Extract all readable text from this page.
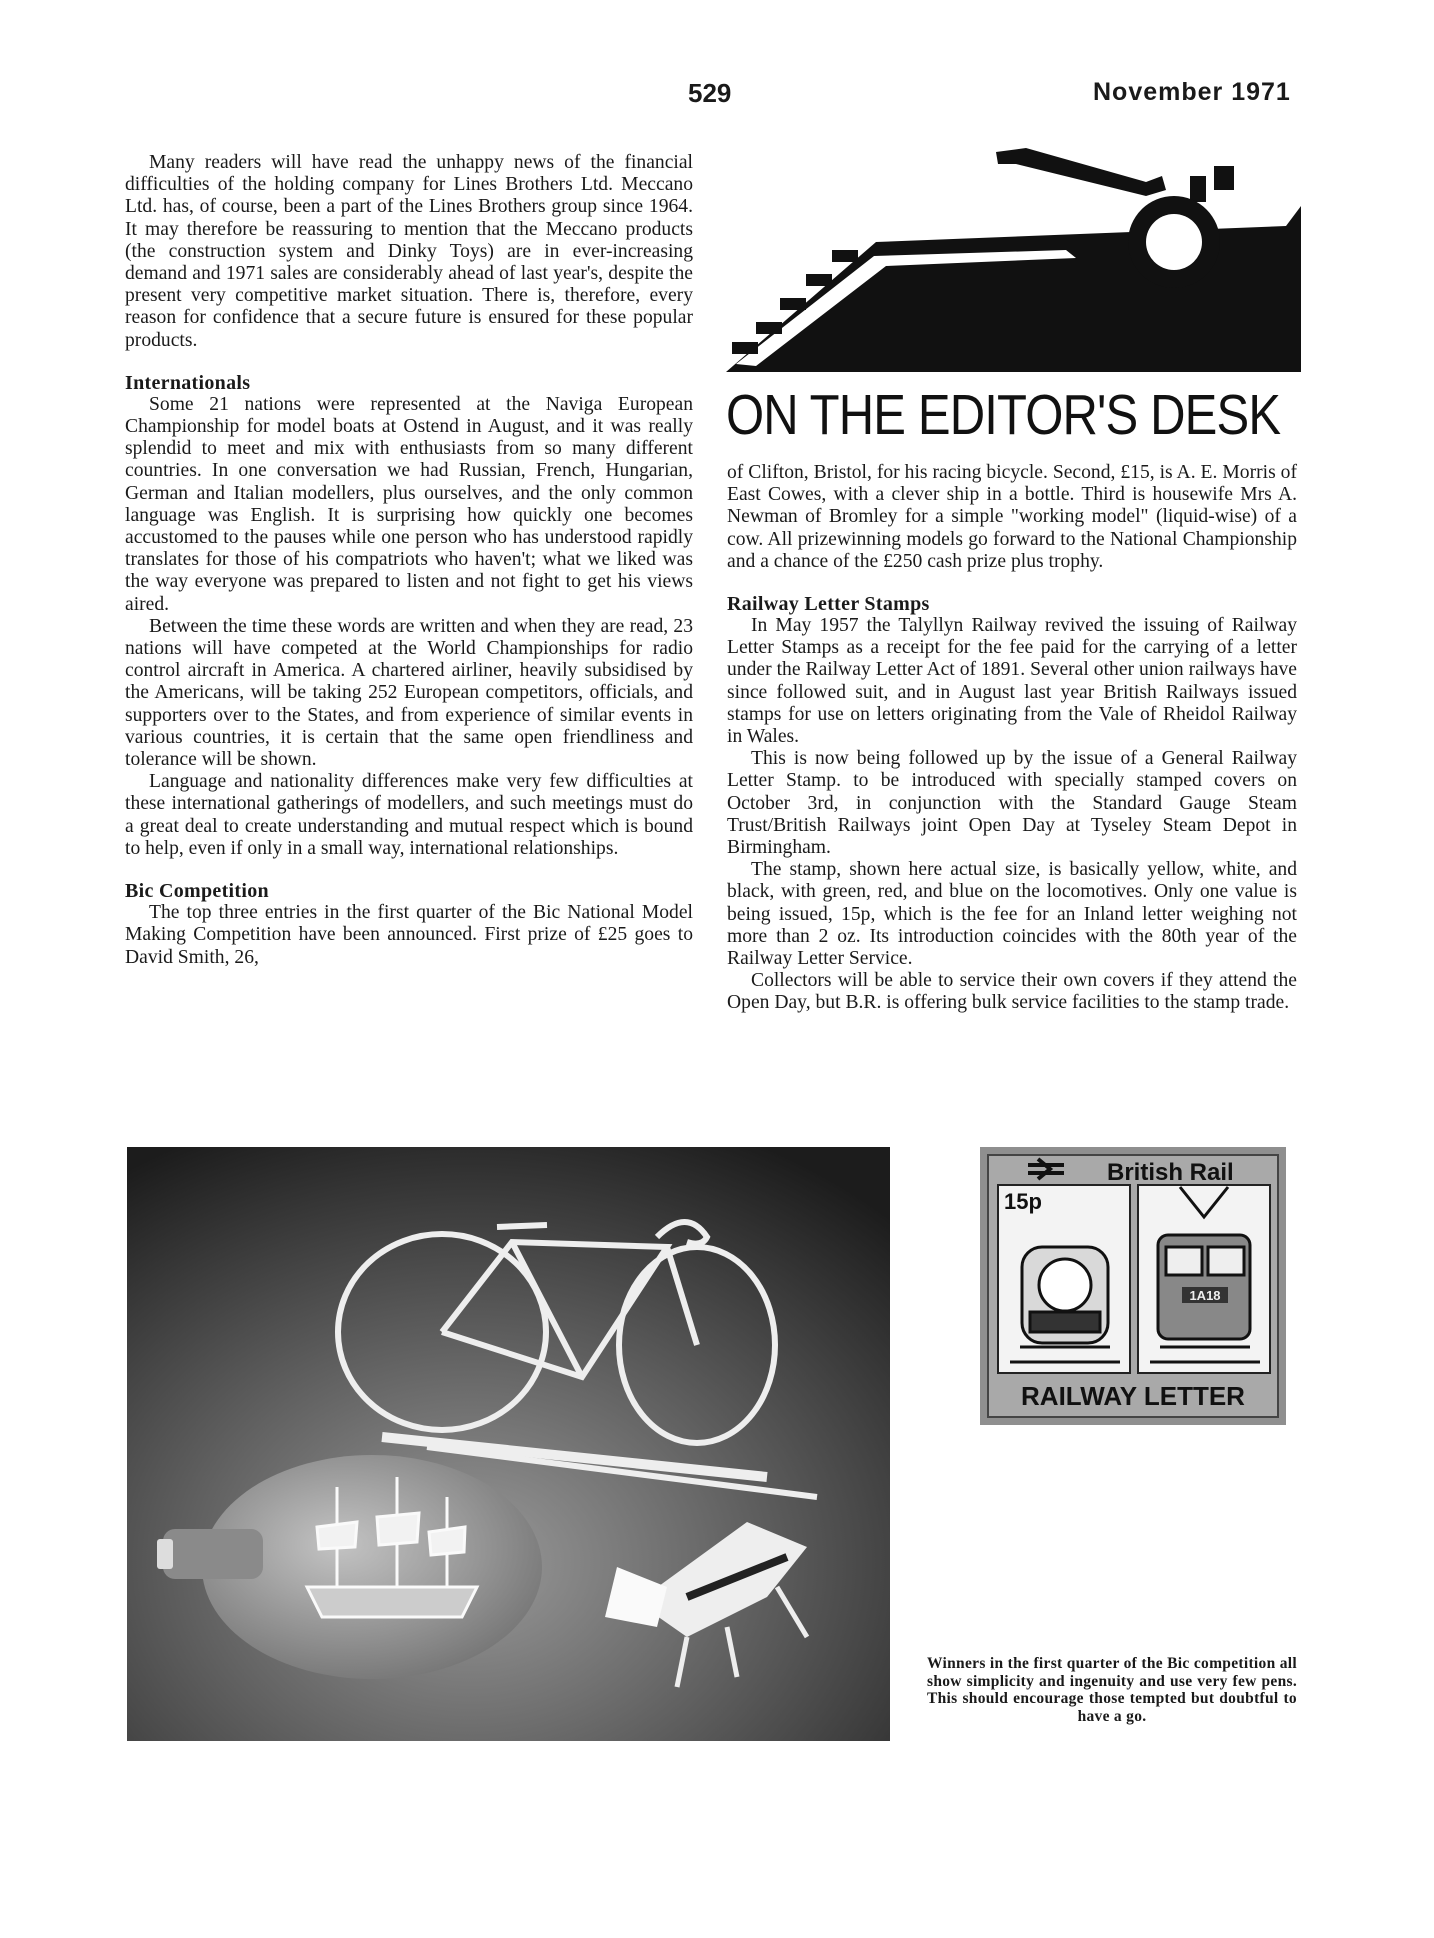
529	November 1971

Many readers will have read the unhappy news of the financial difficulties of the holding company for Lines Brothers Ltd. Meccano Ltd. has, of course, been a part of the Lines Brothers group since 1964. It may therefore be reassuring to mention that the Meccano products (the construction system and Dinky Toys) are in ever-increasing demand and 1971 sales are considerably ahead of last year's, despite the present very competitive market situation. There is, therefore, every reason for confidence that a secure future is ensured for these popular products.

Internationals

Some 21 nations were represented at the Naviga European Championship for model boats at Ostend in August, and it was really splendid to meet and mix with enthusiasts from so many different countries. In one conversation we had Russian, French, Hungarian, German and Italian modellers, plus ourselves, and the only common language was English. It is surprising how quickly one becomes accustomed to the pauses while one person who has understood rapidly translates for those of his compatriots who haven't; what we liked was the way everyone was prepared to listen and not fight to get his views aired.

Between the time these words are written and when they are read, 23 nations will have competed at the World Championships for radio control aircraft in America. A chartered airliner, heavily subsidised by the Americans, will be taking 252 European competitors, officials, and supporters over to the States, and from experience of similar events in various countries, it is certain that the same open friendliness and tolerance will be shown.

Language and nationality differences make very few difficulties at these international gatherings of modellers, and such meetings must do a great deal to create understanding and mutual respect which is bound to help, even if only in a small way, international relationships.

Bic Competition

The top three entries in the first quarter of the Bic National Model Making Competition have been announced. First prize of £25 goes to David Smith, 26,

ON THE EDITOR'S DESK

of Clifton, Bristol, for his racing bicycle. Second, £15, is A. E. Morris of East Cowes, with a clever ship in a bottle. Third is housewife Mrs A. Newman of Bromley for a simple "working model" (liquid-wise) of a cow. All prizewinning models go forward to the National Championship and a chance of the £250 cash prize plus trophy.

Railway Letter Stamps

In May 1957 the Talyllyn Railway revived the issuing of Railway Letter Stamps as a receipt for the fee paid for the carrying of a letter under the Railway Letter Act of 1891. Several other union railways have since followed suit, and in August last year British Railways issued stamps for use on letters originating from the Vale of Rheidol Railway in Wales.

This is now being followed up by the issue of a General Railway Letter Stamp. to be introduced with specially stamped covers on October 3rd, in conjunction with the Standard Gauge Steam Trust/British Railways joint Open Day at Tyseley Steam Depot in Birmingham.

The stamp, shown here actual size, is basically yellow, white, and black, with green, red, and blue on the locomotives. Only one value is being issued, 15p, which is the fee for an Inland letter weighing not more than 2 oz. Its introduction coincides with the 80th year of the Railway Letter Service.

Collectors will be able to service their own covers if they attend the Open Day, but B.R. is offering bulk service facilities to the stamp trade.

British Rail
15p
1A18
RAILWAY LETTER
Winners in the first quarter of the Bic competition all show simplicity and ingenuity and use very few pens. This should encourage those tempted but doubtful to have a go.
